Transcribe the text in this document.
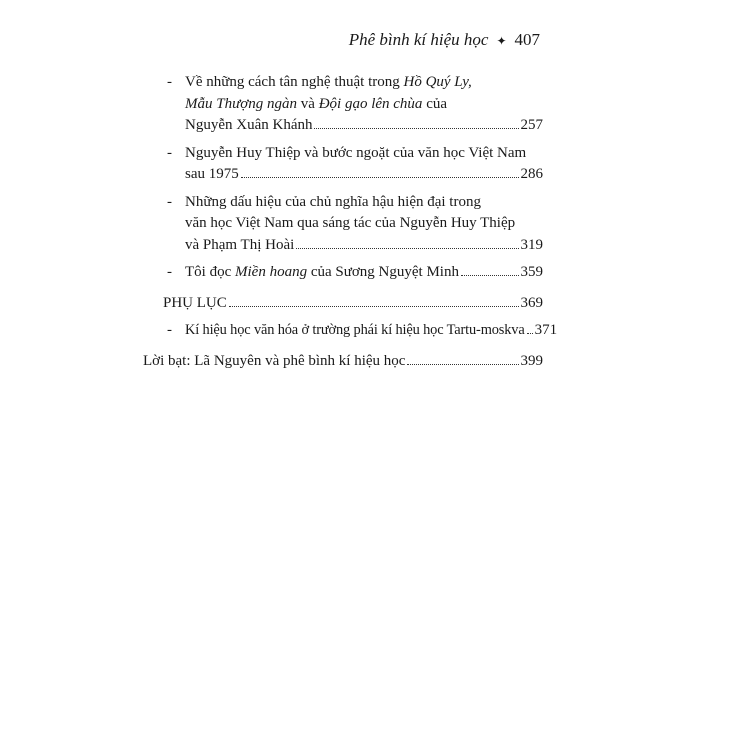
Phê bình kí hiệu học ✦ 407
- Về những cách tân nghệ thuật trong Hồ Quý Ly,
Mẫu Thượng ngàn và Đội gạo lên chùa của
Nguyễn Xuân Khánh	257
- Nguyễn Huy Thiệp và bước ngoặt của văn học Việt Nam
sau 1975	286
- Những dấu hiệu của chủ nghĩa hậu hiện đại trong
văn học Việt Nam qua sáng tác của Nguyễn Huy Thiệp
và Phạm Thị Hoài	319
- Tôi đọc Miền hoang của Sương Nguyệt Minh	359
PHỤ LỤC	369
- Kí hiệu học văn hóa ở trường phái kí hiệu học Tartu-moskva 371
Lời bạt: Lã Nguyên và phê bình kí hiệu học	399
